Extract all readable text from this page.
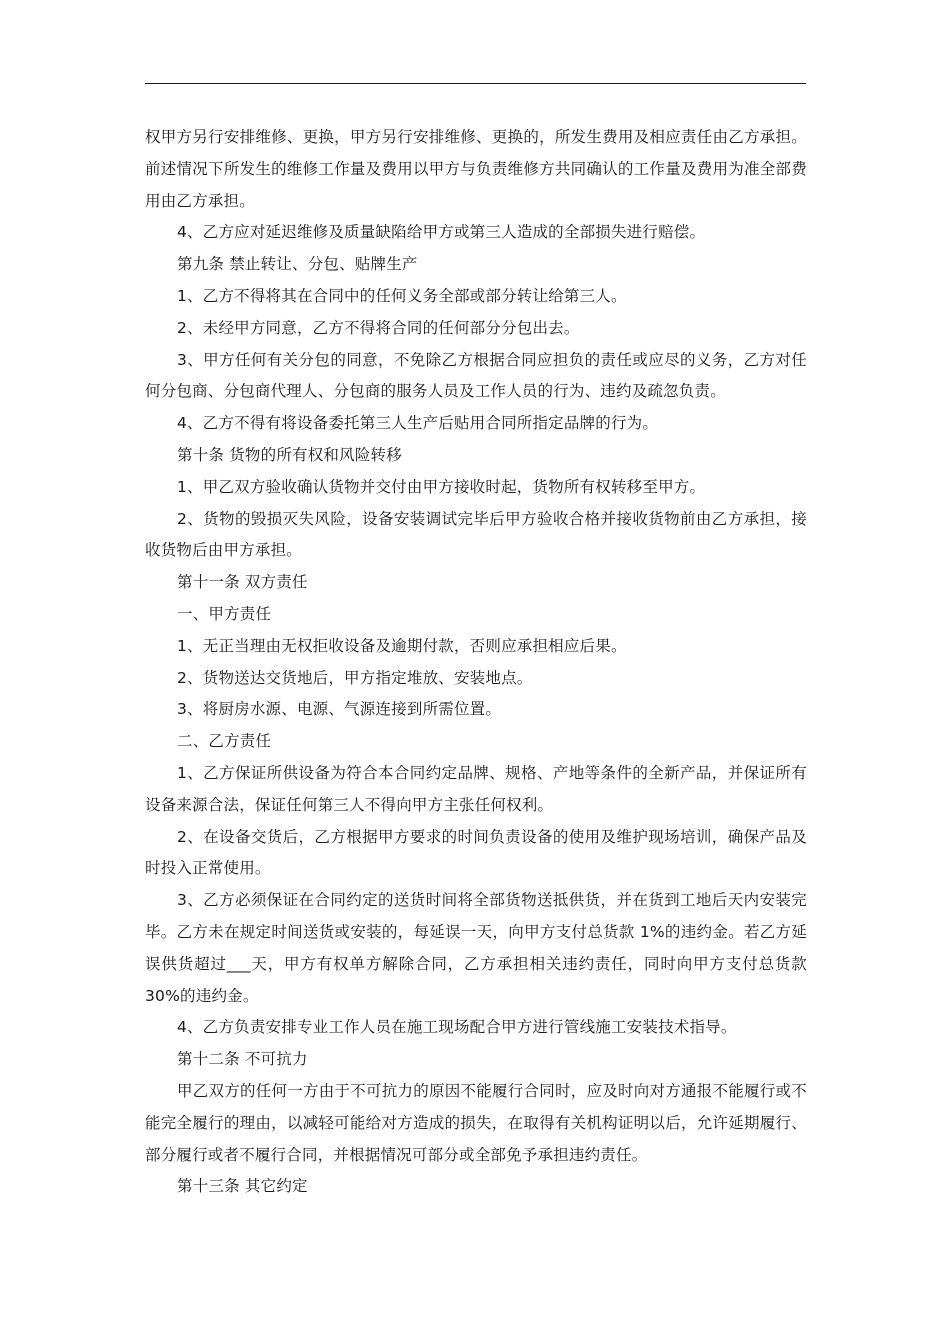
权甲方另行安排维修、更换，甲方另行安排维修、更换的，所发生费用及相应责任由乙方承担。前述情况下所发生的维修工作量及费用以甲方与负责维修方共同确认的工作量及费用为准全部费用由乙方承担。

4、乙方应对延迟维修及质量缺陷给甲方或第三人造成的全部损失进行赔偿。

第九条 禁止转让、分包、贴牌生产

1、乙方不得将其在合同中的任何义务全部或部分转让给第三人。

2、未经甲方同意，乙方不得将合同的任何部分分包出去。

3、甲方任何有关分包的同意，不免除乙方根据合同应担负的责任或应尽的义务，乙方对任何分包商、分包商代理人、分包商的服务人员及工作人员的行为、违约及疏忽负责。

4、乙方不得有将设备委托第三人生产后贴用合同所指定品牌的行为。

第十条 货物的所有权和风险转移

1、甲乙双方验收确认货物并交付由甲方接收时起，货物所有权转移至甲方。

2、货物的毁损灭失风险，设备安装调试完毕后甲方验收合格并接收货物前由乙方承担，接收货物后由甲方承担。

第十一条 双方责任

一、甲方责任

1、无正当理由无权拒收设备及逾期付款，否则应承担相应后果。

2、货物送达交货地后，甲方指定堆放、安装地点。

3、将厨房水源、电源、气源连接到所需位置。

二、乙方责任

1、乙方保证所供设备为符合本合同约定品牌、规格、产地等条件的全新产品，并保证所有设备来源合法，保证任何第三人不得向甲方主张任何权利。

2、在设备交货后，乙方根据甲方要求的时间负责设备的使用及维护现场培训，确保产品及时投入正常使用。

3、乙方必须保证在合同约定的送货时间将全部货物送抵供货，并在货到工地后天内安装完毕。乙方未在规定时间送货或安装的，每延误一天，向甲方支付总货款 1%的违约金。若乙方延误供货超过___天，甲方有权单方解除合同，乙方承担相关违约责任，同时向甲方支付总货款 30%的违约金。

4、乙方负责安排专业工作人员在施工现场配合甲方进行管线施工安装技术指导。

第十二条 不可抗力

甲乙双方的任何一方由于不可抗力的原因不能履行合同时，应及时向对方通报不能履行或不能完全履行的理由，以减轻可能给对方造成的损失，在取得有关机构证明以后，允许延期履行、部分履行或者不履行合同，并根据情况可部分或全部免予承担违约责任。

第十三条 其它约定
